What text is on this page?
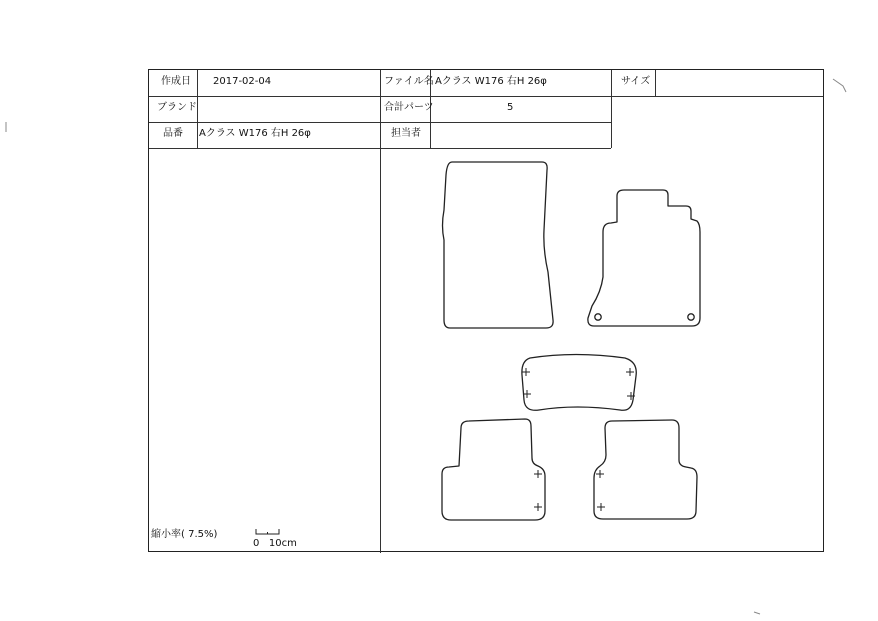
作成日 2017-02-04	ファイル名 Aクラス W176 右H 26φ	サイズ
ブランド	合計パーツ	5
品番 Aクラス W176 右H 26φ	担当者
縮小率( 7.5%)
0   10cm
